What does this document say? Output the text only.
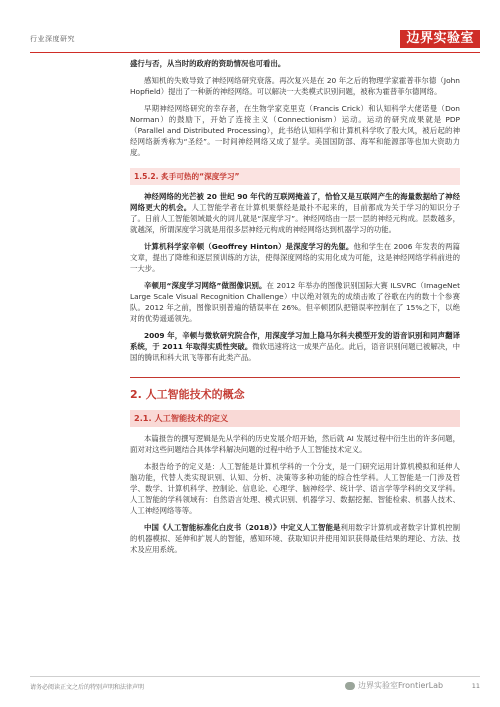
行业深度研究	边界实验室

盛行与否，从当时的政府的资助情况也可看出。

感知机的失败导致了神经网络研究衰落。再次复兴是在 20 年之后的物理学家霍普菲尔德（John Hopfield）提出了一种新的神经网络。可以解决一大类模式识别问题，被称为霍普菲尔德网络。

早期神经网络研究的幸存者，在生物学家克里克（Francis Crick）和认知科学大佬诺曼（Don Norman）的鼓励下，开始了连接主义（Connectionism）运动。运动的研究成果就是 PDP（Parallel and Distributed Processing），此书给认知科学和计算机科学吹了股大风，被后起的神经网络新秀称为“圣经”。一时间神经网络又成了显学。美国国防部、海军和能源部等也加大资助力度。

1.5.2. 炙手可热的“深度学习”

神经网络的光芒被 20 世纪 90 年代的互联网掩盖了，恰恰又是互联网产生的海量数据给了神经网络更大的机会。人工智能学者在计算机果蔡经是最扑不起来的，目前都成为关于学习的知识分子了。日前人工智能领域最火的词儿就是“深度学习”。神经网络由一层一层的神经元构成。层数越多，就越深，所谓深度学习就是用很多层神经元构成的神经网络达到机器学习的功能。

计算机科学家辛顿（Geoffrey Hinton）是深度学习的先躯。他和学生在 2006 年发表的两篇文章，提出了降维和逐层预训练的方法，使得深度网络的实用化成为可能，这是神经网络学科前进的一大步。

辛顿用“深度学习网络”做图像识别。在 2012 年举办的图像识别国际大赛 ILSVRC（ImageNet Large Scale Visual Recognition Challenge）中以绝对领先的成绩击败了谷歌在内的数十个参赛队。2012 年之前，图像识别普遍的错误率在 26%。但辛顿团队把错误率控制在了 15%之下，以绝对的优势遥遥领先。

2009 年，辛顿与微软研究院合作，用深度学习加上隐马尔科夫模型开发的语音识别和同声翻译系统，于 2011 年取得实质性突破。微软迅速将这一成果产品化。此后，语音识别问题已被解决，中国的腾讯和科大讯飞等都有此类产品。

2. 人工智能技术的概念
2.1. 人工智能技术的定义

本篇报告的撰写逻辑是先从学科的历史发展介绍开始，然后就 AI 发展过程中衍生出的许多问题，面对对这些问题结合具体学科解决问题的过程中给予人工智能技术定义。

本报告给予的定义是：人工智能是计算机学科的一个分支，是一门研究运用计算机模拟和延伸人脑功能，代替人类实现识别、认知、分析、决策等多种功能的综合性学科。人工智能是一门涉及哲学、数学、计算机科学、控制论、信息论、心理学、脑神经学、统计学、语言学等学科的交叉学科。人工智能的学科领域有：自然语言处理、模式识别、机器学习、数据挖掘、智能检索、机器人技术、人工神经网络等等。

中国《人工智能标准化白皮书（2018）》中定义人工智能是利用数字计算机或者数字计算机控制的机器模拟、延伸和扩展人的智能，感知环境、获取知识并使用知识获得最佳结果的理论、方法、技术及应用系统。

请务必阅读正文之后的特别声明和法律声明	边界实验室FrontierLab	11
